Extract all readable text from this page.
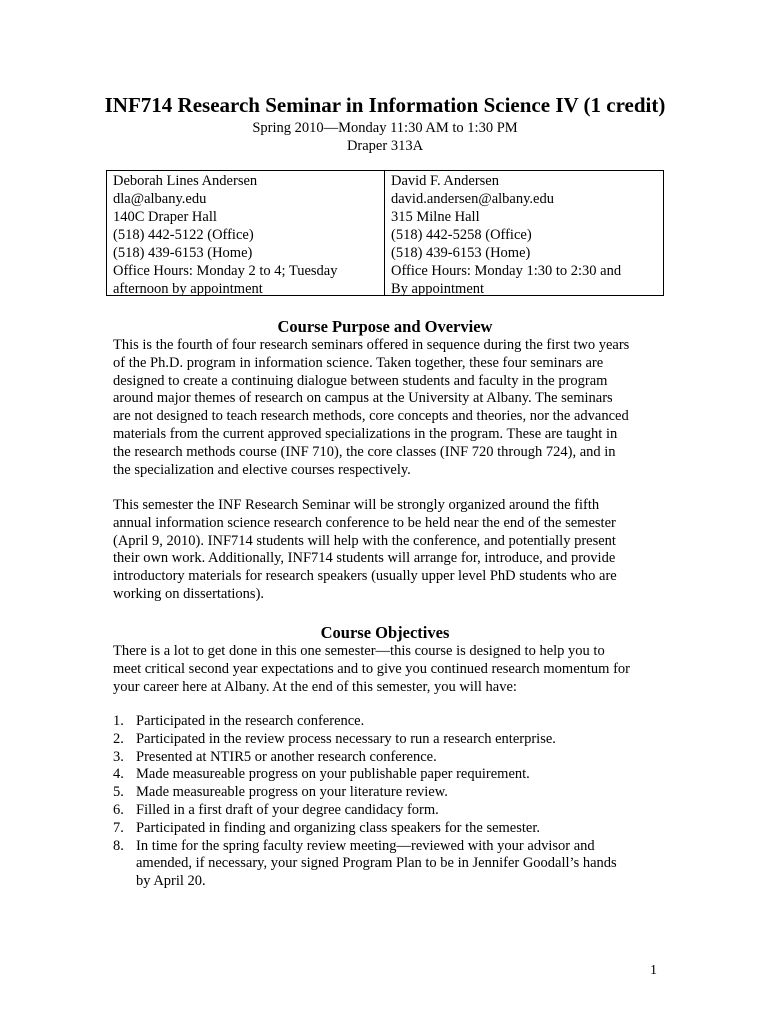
INF714 Research Seminar in Information Science IV (1 credit)
Spring 2010—Monday 11:30 AM to 1:30 PM
Draper 313A
Deborah Lines Andersen
dla@albany.edu
140C Draper Hall
(518) 442-5122 (Office)
(518) 439-6153 (Home)
Office Hours: Monday 2 to 4; Tuesday
afternoon by appointment
David F. Andersen
david.andersen@albany.edu
315 Milne Hall
(518) 442-5258 (Office)
(518) 439-6153 (Home)
Office Hours: Monday 1:30 to 2:30 and
By appointment
Course Purpose and Overview

This is the fourth of four research seminars offered in sequence during the first two years
of the Ph.D. program in information science. Taken together, these four seminars are
designed to create a continuing dialogue between students and faculty in the program
around major themes of research on campus at the University at Albany. The seminars
are not designed to teach research methods, core concepts and theories, nor the advanced
materials from the current approved specializations in the program. These are taught in
the research methods course (INF 710), the core classes (INF 720 through 724), and in
the specialization and elective courses respectively.

This semester the INF Research Seminar will be strongly organized around the fifth
annual information science research conference to be held near the end of the semester
(April 9, 2010). INF714 students will help with the conference, and potentially present
their own work. Additionally, INF714 students will arrange for, introduce, and provide
introductory materials for research speakers (usually upper level PhD students who are
working on dissertations).

Course Objectives

There is a lot to get done in this one semester—this course is designed to help you to
meet critical second year expectations and to give you continued research momentum for
your career here at Albany. At the end of this semester, you will have:

1. Participated in the research conference.
2. Participated in the review process necessary to run a research enterprise.
3. Presented at NTIR5 or another research conference.
4. Made measureable progress on your publishable paper requirement.
5. Made measureable progress on your literature review.
6. Filled in a first draft of your degree candidacy form.
7. Participated in finding and organizing class speakers for the semester.
8. In time for the spring faculty review meeting—reviewed with your advisor and
amended, if necessary, your signed Program Plan to be in Jennifer Goodall’s hands
by April 20.
1
